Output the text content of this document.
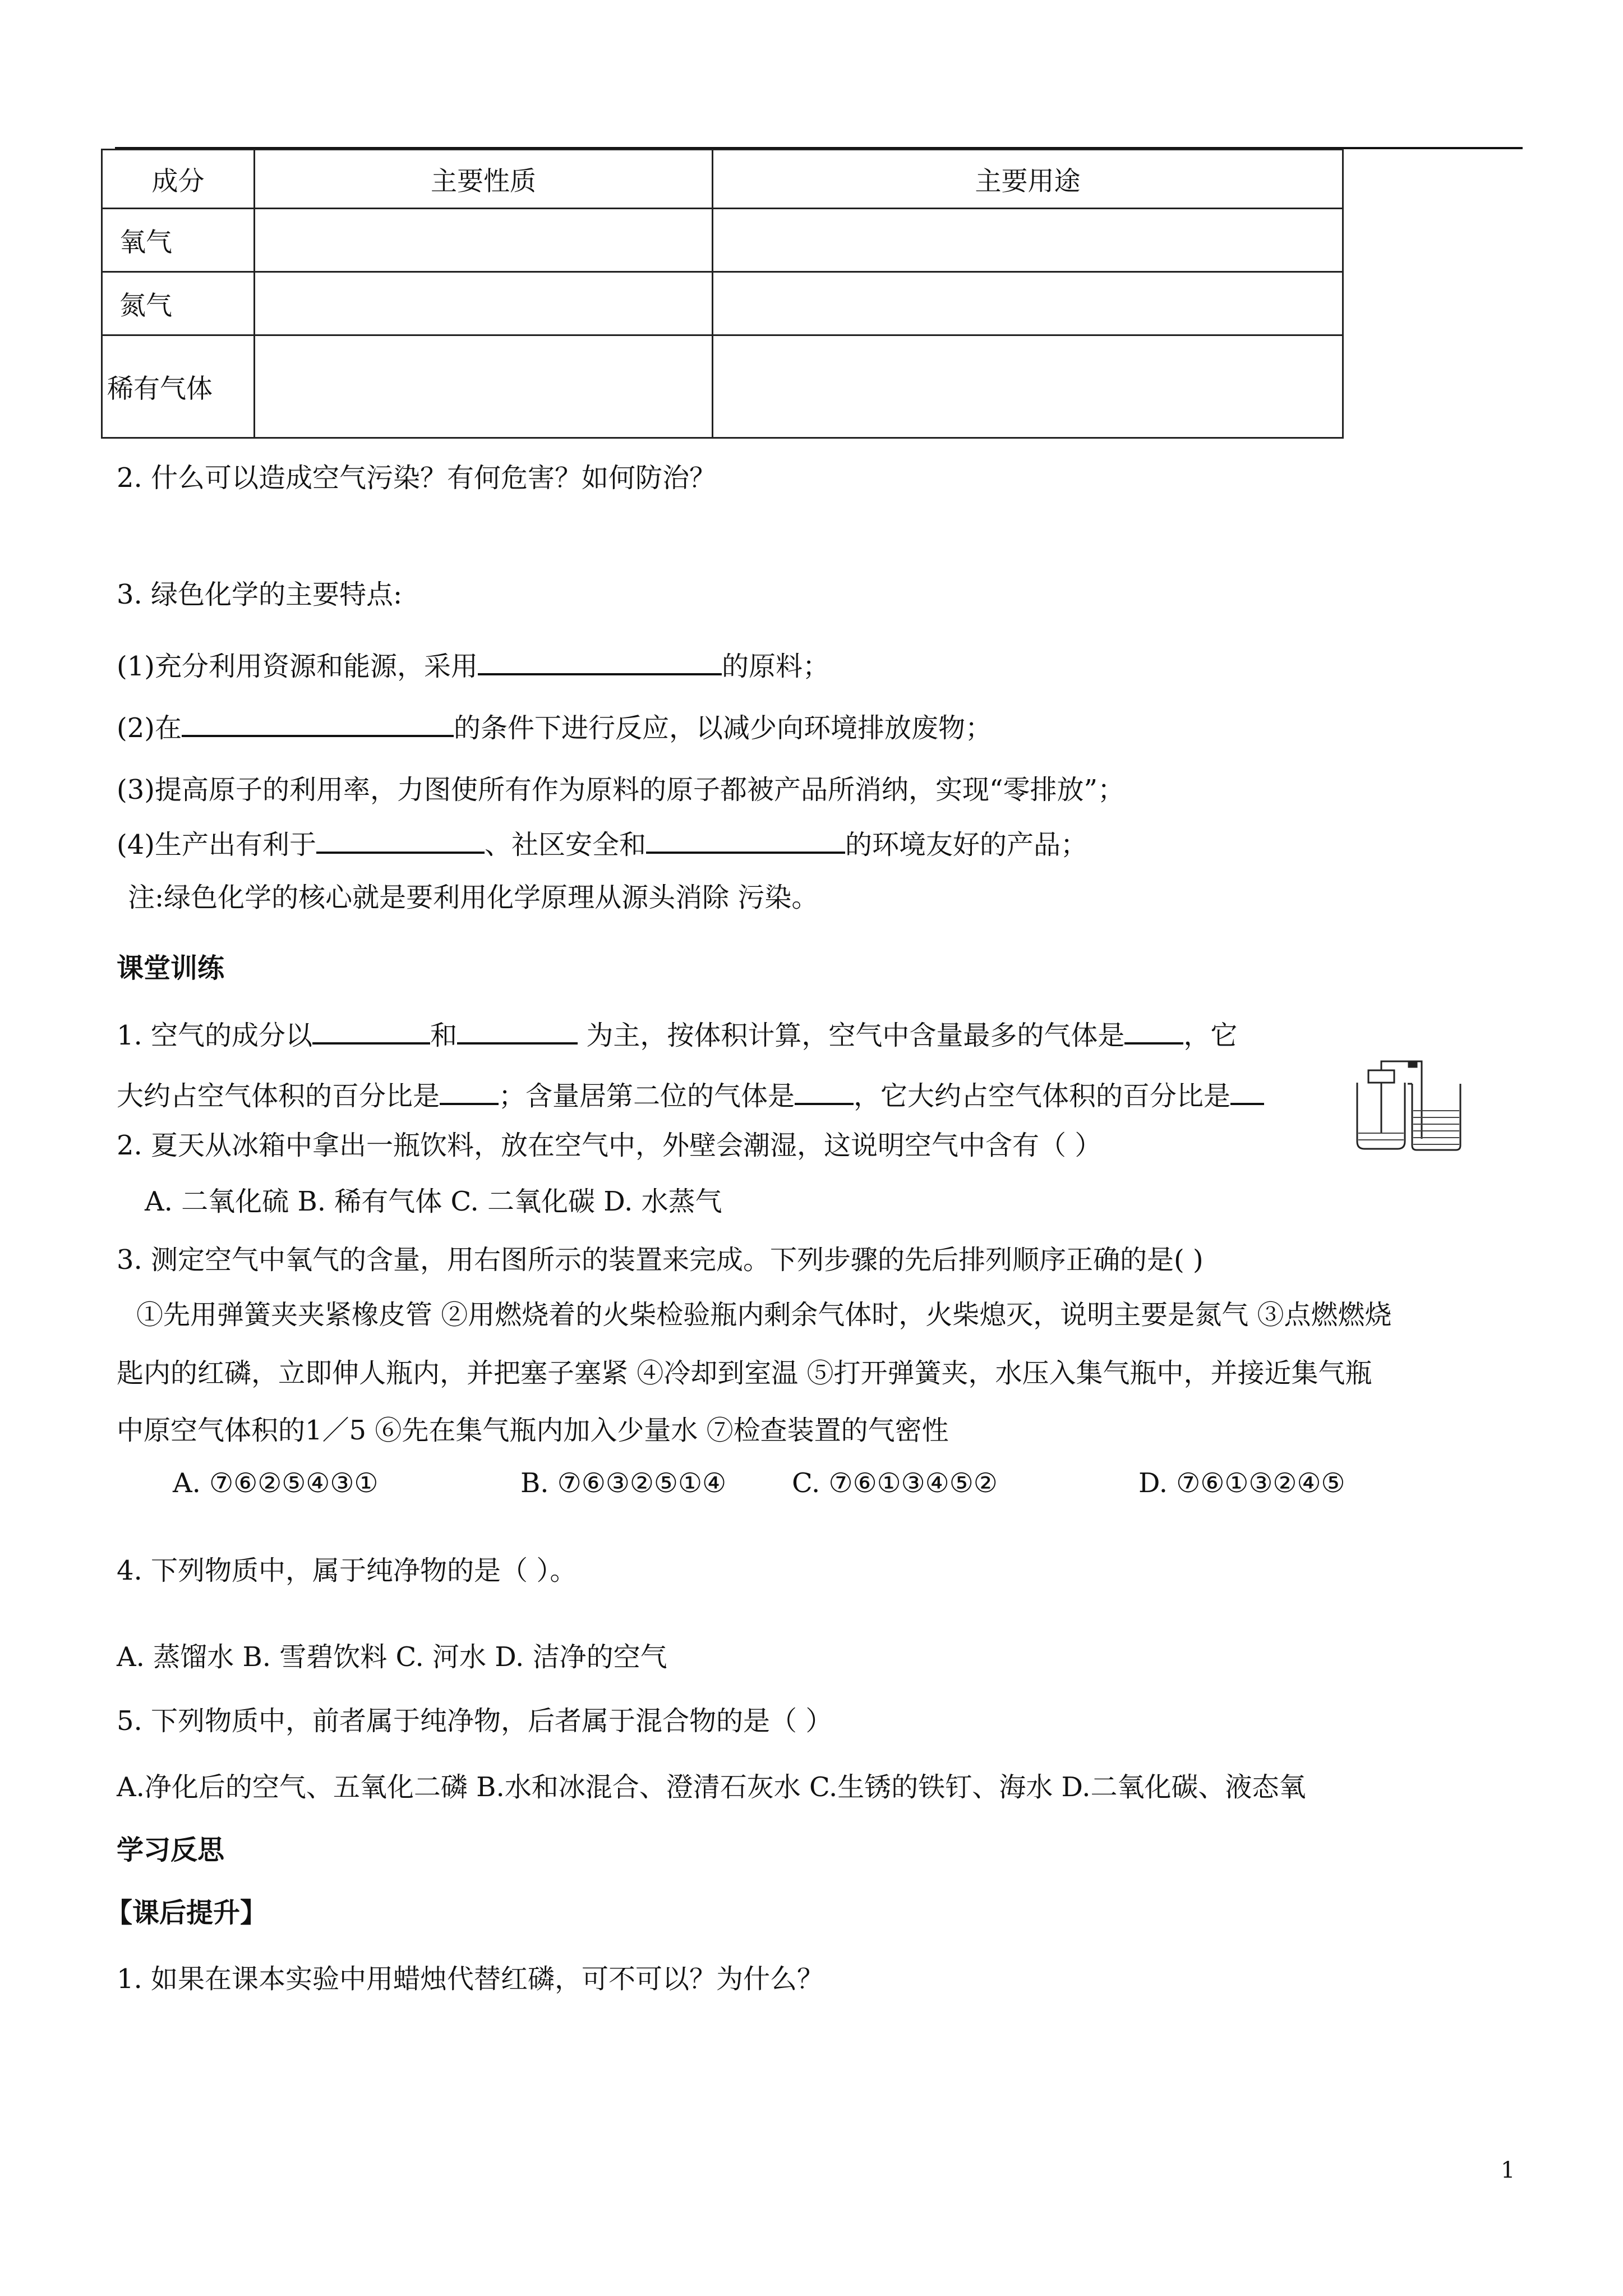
成分	主要性质	主要用途
氧气		
氮气		
稀有气体		
2. 什么可以造成空气污染？有何危害？如何防治？
3. 绿色化学的主要特点:
(1)充分利用资源和能源，采用	的原料；
(2)在	的条件下进行反应，以减少向环境排放废物；
(3)提高原子的利用率，力图使所有作为原料的原子都被产品所消纳，实现“零排放”；
(4)生产出有利于	、社区安全和	的环境友好的产品；
注:绿色化学的核心就是要利用化学原理从源头消除 污染。
课堂训练
1. 空气的成分以	和	为主，按体积计算，空气中含量最多的气体是 ，它
大约占空气体积的百分比是 ；含量居第二位的气体是 ，它大约占空气体积的百分比是
2. 夏天从冰箱中拿出一瓶饮料，放在空气中，外壁会潮湿，这说明空气中含有（ ）
A. 二氧化硫 B. 稀有气体 C. 二氧化碳 D. 水蒸气
3. 测定空气中氧气的含量，用右图所示的装置来完成。下列步骤的先后排列顺序正确的是( )
①先用弹簧夹夹紧橡皮管 ②用燃烧着的火柴检验瓶内剩余气体时，火柴熄灭，说明主要是氮气 ③点燃燃烧
匙内的红磷，立即伸人瓶内，并把塞子塞紧 ④冷却到室温 ⑤打开弹簧夹，水压入集气瓶中，并接近集气瓶
中原空气体积的1／5 ⑥先在集气瓶内加入少量水 ⑦检查装置的气密性
A. ⑦⑥②⑤④③①	B. ⑦⑥③②⑤①④ C. ⑦⑥①③④⑤②	D. ⑦⑥①③②④⑤
4. 下列物质中，属于纯净物的是（ ）。
A. 蒸馏水 B. 雪碧饮料 C. 河水 D. 洁净的空气
5. 下列物质中，前者属于纯净物，后者属于混合物的是（ ）
A.净化后的空气、五氧化二磷 B.水和冰混合、澄清石灰水 C.生锈的铁钉、海水 D.二氧化碳、液态氧
学习反思
【课后提升】
1. 如果在课本实验中用蜡烛代替红磷，可不可以？为什么？
1
